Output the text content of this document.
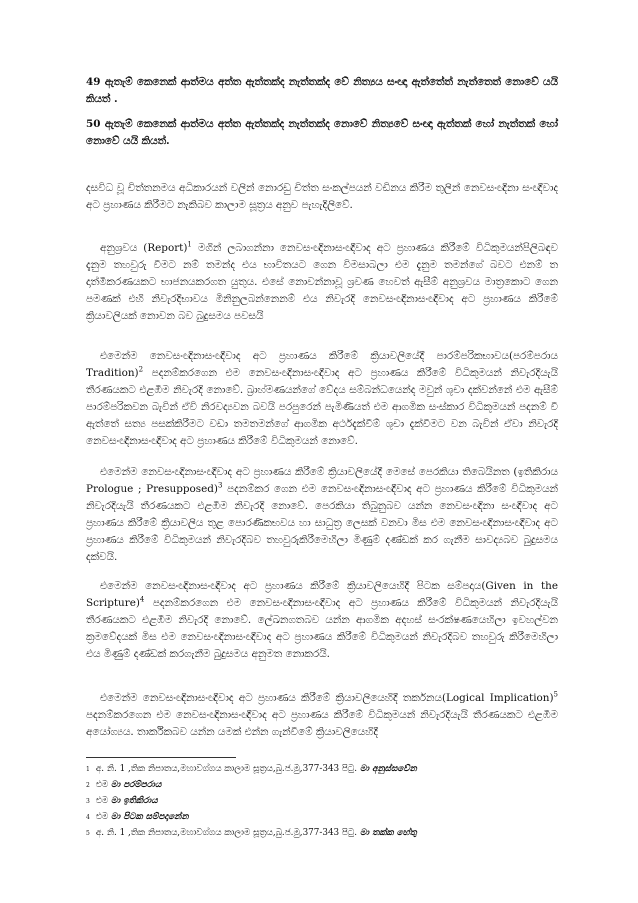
49 ඇතැම් කෙනෙක් ආත්මය අත්ත ඇත්තක්ද නැත්තක්ද වේ නිත්‍යය සංඥා ඇත්තේත් නැත්තෙත් නොවේ යයි කියත් .

50 ඇතැම් කෙනෙක් ආත්මය අත්ත ඇත්තක්ද නැත්තක්ද නොවේ නිත්‍යවේ සංඥා ඇත්තක් හෝ නැත්තක් හෝ නොවේ යයි කියත්.

දසවිධ වූ චිත්තනමය අධිකාරයන් වලින් නොරඩු චිත්ත සංකල්පයන් වඩිනය කිරීම තුලින් නෙවසංඥිනා සංඥීවාද අට ප්‍රහාණය කිරීමට නැකිබව කාලාම සූත්‍රය අනුව පැහැදිලිවේ.

අනුශ්‍රවය (Report)$^1$ මගින් ලබාගන්නා නෙවසංඥිනාසංඥීවාද අට ප්‍රහාණය කිරීමේ විධිකුමයන්පිලිබඳව දැනුම තහවුරු වීමට නම් තමන්ද එය භාවිතයට ගෙන විමසාබලා එම දැනුම තමන්ගේ බවට එනම් ත දාත්මීකරණයකට භාජනයකරගත යුතුය. එසේ නොවන්නාවූ ශ්‍රවණ හෙවත් ඇසීම් අනුශ්‍රවය මාත්‍රකොට ගෙන පමණක් එහි නිවැරදිභාවය මිනිනුලබන්නෙනම් එය නිවැරදි නෙවසංඥිනාසංඥීවාද අට ප්‍රහාණය කිරීමේ ක්‍රියාවලියක් නොවන බව බුදුසමය පවසයි

එමෙන්ම නෙවසංඥිනාසංඥීවාද අට ප්‍රහාණය කිරීමේ ක්‍රියාවලියේදී පාරම්පරිකභාවය(පරම්පරාය Tradition)$^2$ පදනම්කරගෙන එම නෙවසංඥිනාසංඥීවාද අට ප්‍රහාණය කිරීමේ විධිකුමයන් නිවැරදියැයි තීරණයකට එළඹීම නිවැරදි නොවේ. බ්‍රාහ්මණයන්ගේ වේදය සම්බන්ධයෙන්ද මවුන් ශුචා දක්වන්නේ එම ඇසීම් පාරම්පරිකවන බැවින් ඒවි නිරවද්‍යවන බවයි පරපුරෙන් පැමිණියත් එම ආගමික සංස්කාර විධිකුමයන් පදනම් වී ඇත්තේ සත්‍ය පසක්කිරීමට වඩා තමතමන්ගේ ආගමික අර්ථදැක්වීම් ශුචා දැක්වීමට වන බැවින් ඒවා නිවැරදි නෙවසංඥිනාසංඥීවාද අට ප්‍රහාණය කිරීමේ විධිකුමයන් නොවේ.

එමෙන්ම නෙවසංඥිනාසංඥීවාද අට ප්‍රහාණය කිරීමේ ක්‍රියාවලියේදී මෙසේ පෙරකියා තිබෙයිනත (ඉතිකිරාය Prologue ; Presupposed)$^3$ පදනම්කර ගෙන එම නෙවසංඥිනාසංඥීවාද අට ප්‍රහාණය කිරීමේ විධිකුමයන් නිවැරදියැයි තීරණයකට එළඹීම නිවැරදි නොවේ. පෙරකියා තිබුනුබව යන්න නෙවසංඥිනා සංඥීවාද අට ප්‍රහාණය කිරීමේ ක්‍රියාවලිය තුළ පොරණිකභවය හා සාධුත්‍ර ලෙසක් වනවා මිස එම නෙවසංඥිනාසංඥීවාද අට ප්‍රහාණය කිරීමේ විධිකුමයන් නිවැරදිබව තහවුරුකිරීමෙහිලා මිණුම් දණ්ඩක් කර ගැනීම සාවද්‍යබව බුදුසමය දක්වයි.

එමෙන්ම නෙවසංඥිනාසංඥීවාද අට ප්‍රහාණය කිරීමේ ක්‍රියාවලියෙහිදී පිටක සම්පදාය(Given in the Scripture)$^4$ පදනම්කරගෙන එම නෙවසංඥිනාසංඥීවාද අට ප්‍රහාණය කිරීමේ විධිකුමයන් නිවැරදියැයි තීරණයකට එළඹීම නිවැරදි නොවේ. ලේඛනගතබව යන්න ආගමික අදහස් සංරක්ෂණයෙහිලා ඉවහල්වන ක්‍රමවේදයක් මිස එම නෙවසංඥිනාසංඥීවාද අට ප්‍රහාණය කිරීමේ විධිකුමයන් නිවැරදිබව තහවුරු කිරීමෙහිලා එය මිණුම් දණ්ඩක් කරගැනීම බුදුසමය අනුමත නොකරයි.

එමෙන්ම නෙවසංඥිනාසංඥීවාද අට ප්‍රහාණය කිරීමේ ක්‍රියාවලියෙහිදී තර්කනය(Logical Implication)$^5$ පදනම්කරගෙන එම නෙවසංඥිනාසංඥීවාද අට ප්‍රහාණය කිරීමේ විධිකුමයන් නිවැරදියැයි තීරණයකට එළඹීම අයෝග්‍යය. තාර්කිකබව යන්න යමක් එන්න ගැන්වීමේ ක්‍රියාවලියෙහිදී

$^1$ අ. නි. 1 ,තික නිපාතය,මහාවග්ගය කාලාම සූත්‍රය,බු.ජ.මු,377-343 පිටු. මා අනුස්සවේන

$^2$ එම මා පරම්පරාය

$^3$ එම මා ඉතිකිරාය

$^4$ එම මා පිටක සම්පදානේන

$^5$ අ. නි. 1 ,තික නිපාතය,මහාවග්ගය කාලාම සූත්‍රය,බු.ජ.මු,377-343 පිටු. මා තක්ක හේතු
